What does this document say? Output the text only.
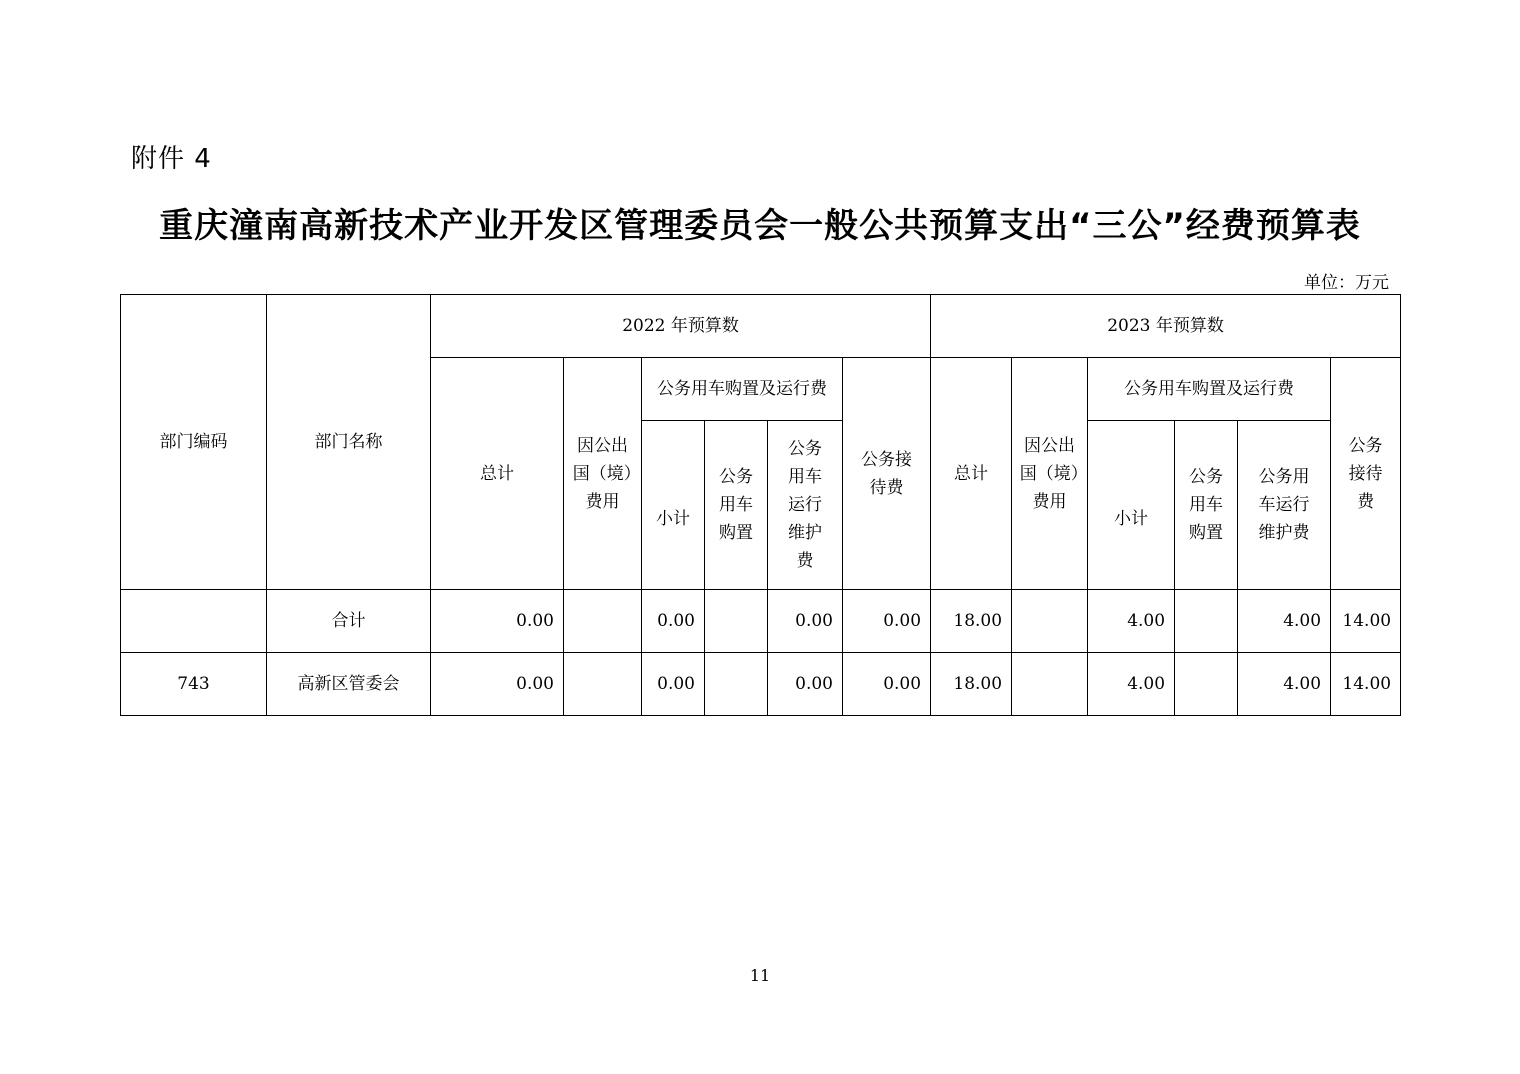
附件 4
重庆潼南高新技术产业开发区管理委员会一般公共预算支出“三公”经费预算表
单位：万元
部门编码	部门名称	2022 年预算数						2023 年预算数					
		总计	因公出国（境）费用	公务用车购置及运行费			公务接待费	总计	因公出国（境）费用	公务用车购置及运行费			公务接待费
				小计	公务用车购置	公务用车运行维护费				小计	公务用车购置	公务用车运行维护费	
	合计	0.00		0.00		0.00	0.00	18.00		4.00		4.00	14.00
743	高新区管委会	0.00		0.00		0.00	0.00	18.00		4.00		4.00	14.00
11
